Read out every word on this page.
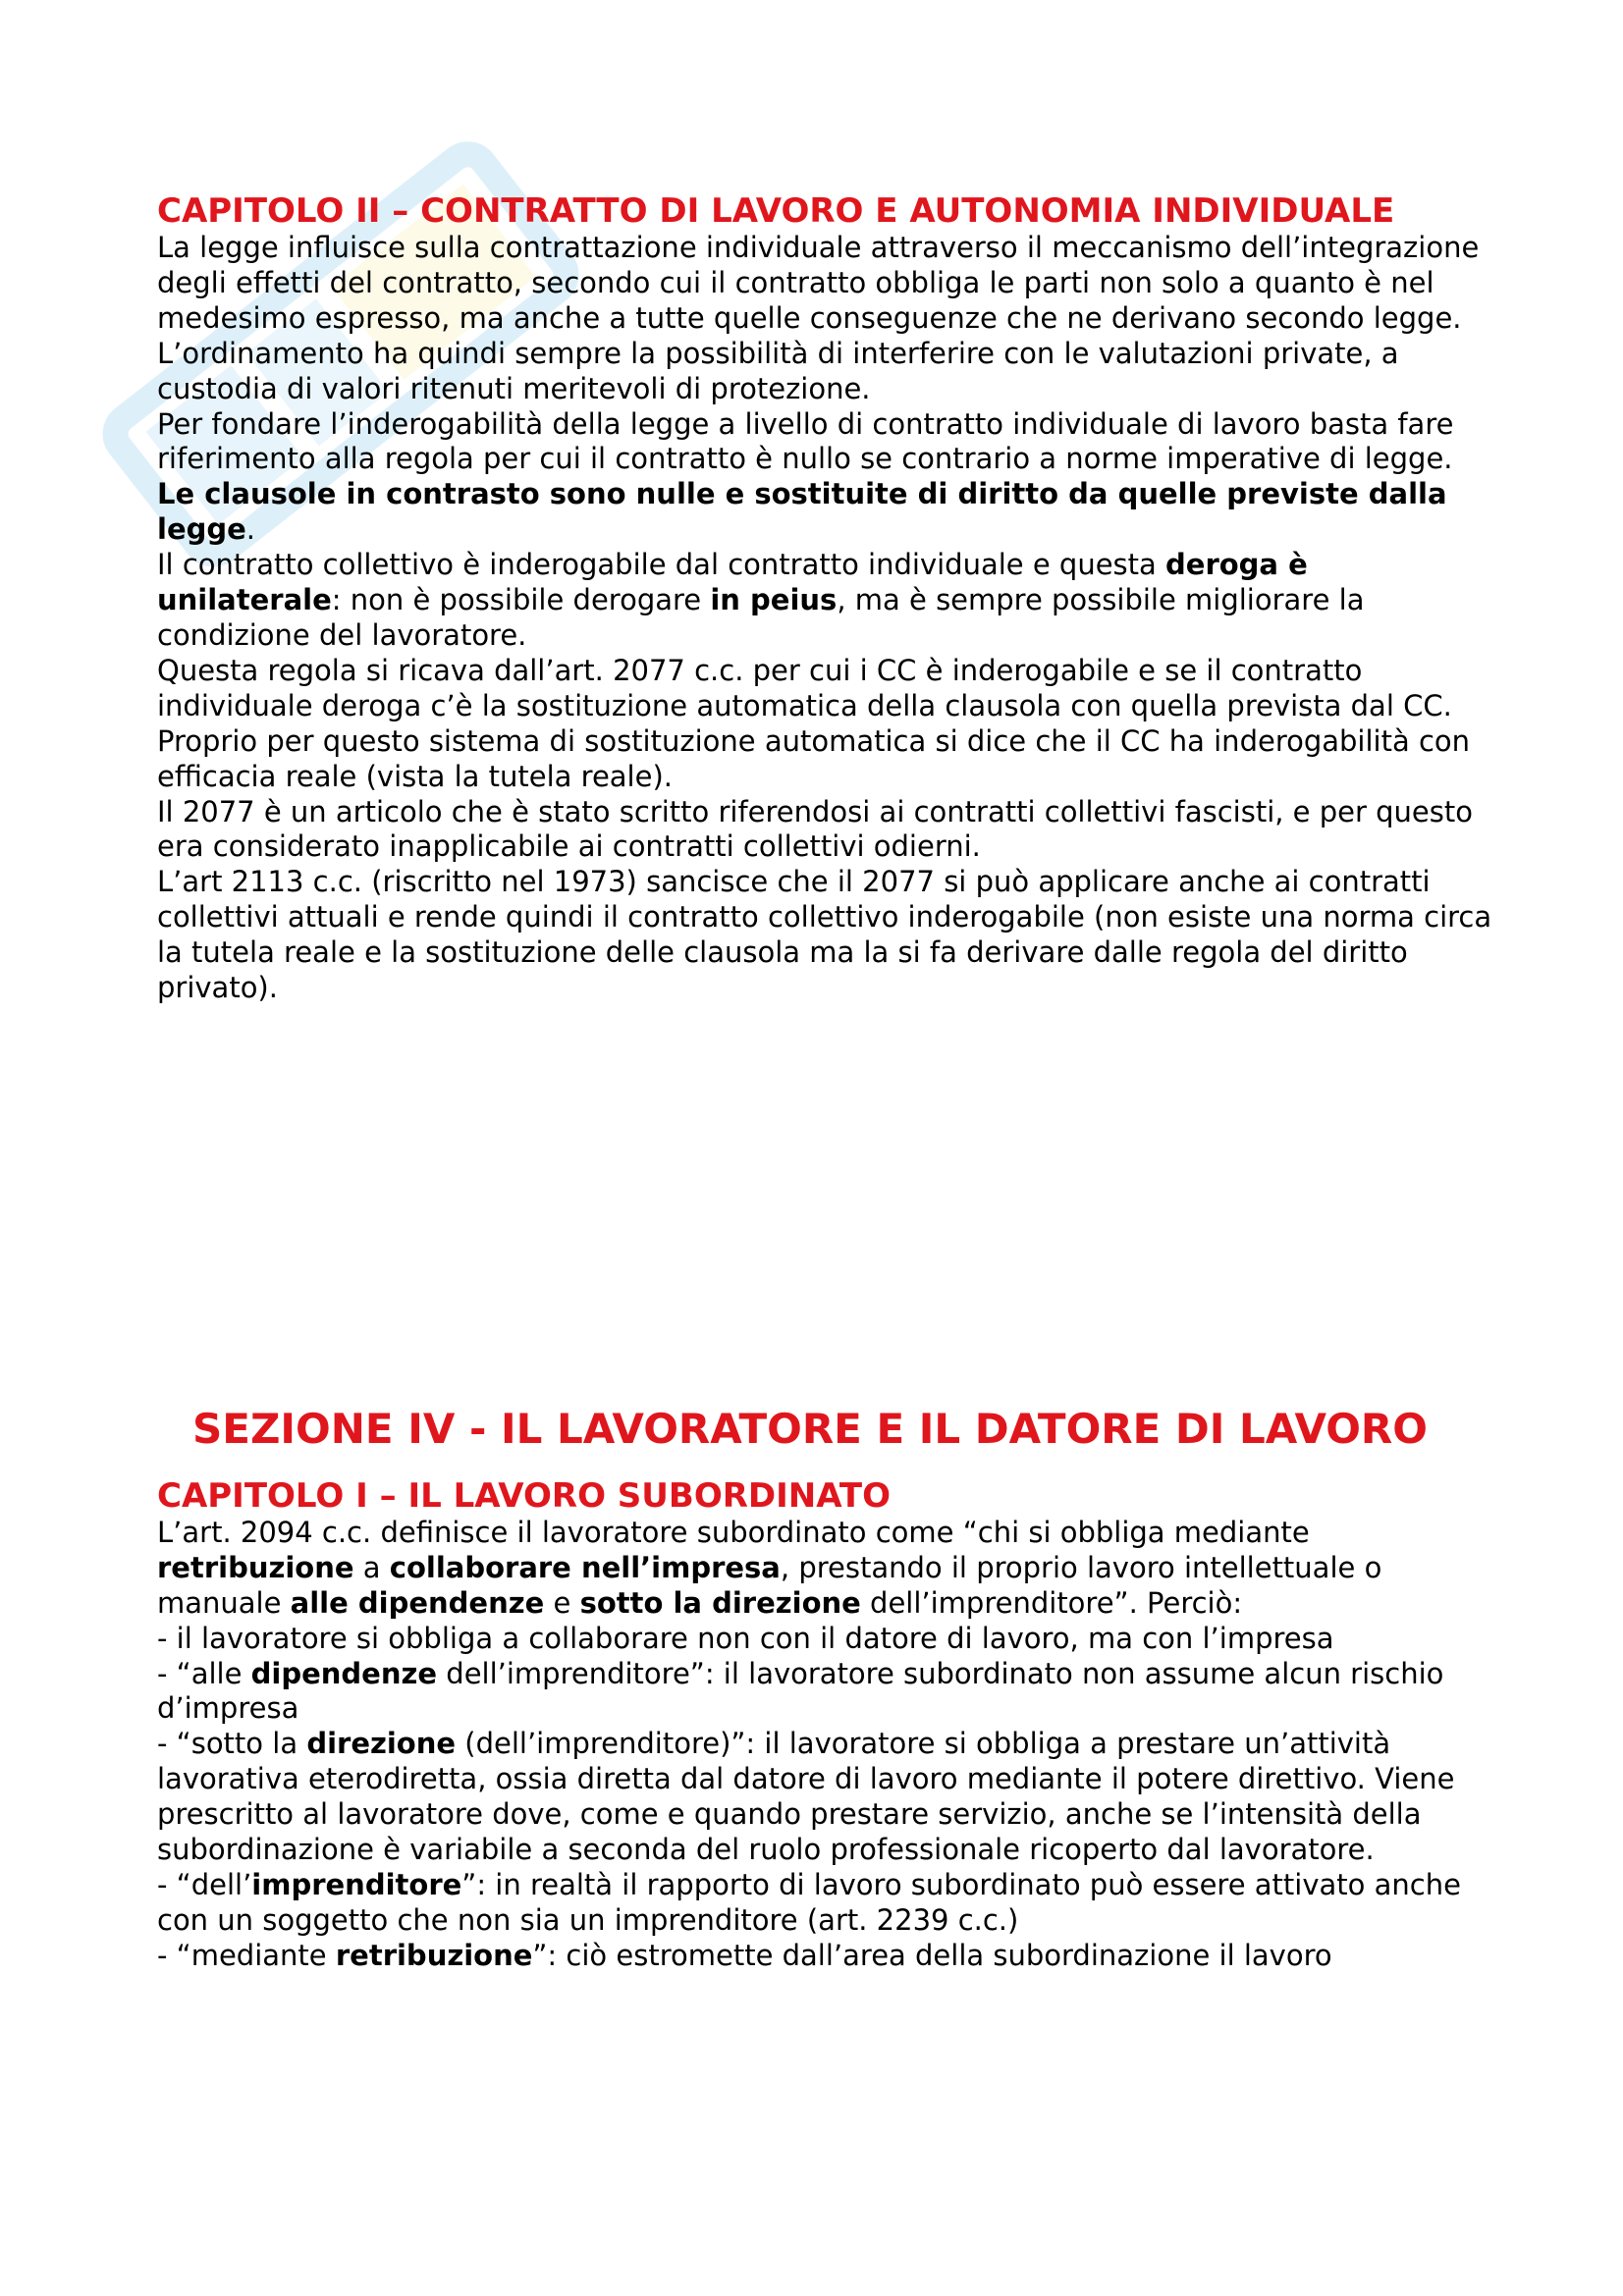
CAPITOLO II – CONTRATTO DI LAVORO E AUTONOMIA INDIVIDUALE

La legge influisce sulla contrattazione individuale attraverso il meccanismo dell’integrazione degli effetti del contratto, secondo cui il contratto obbliga le parti non solo a quanto è nel medesimo espresso, ma anche a tutte quelle conseguenze che ne derivano secondo legge.

L’ordinamento ha quindi sempre la possibilità di interferire con le valutazioni private, a custodia di valori ritenuti meritevoli di protezione.

Per fondare l’inderogabilità della legge a livello di contratto individuale di lavoro basta fare riferimento alla regola per cui il contratto è nullo se contrario a norme imperative di legge. Le clausole in contrasto sono nulle e sostituite di diritto da quelle previste dalla legge.

Il contratto collettivo è inderogabile dal contratto individuale e questa deroga è unilaterale: non è possibile derogare in peius, ma è sempre possibile migliorare la condizione del lavoratore.

Questa regola si ricava dall’art. 2077 c.c. per cui i CC è inderogabile e se il contratto individuale deroga c’è la sostituzione automatica della clausola con quella prevista dal CC. Proprio per questo sistema di sostituzione automatica si dice che il CC ha inderogabilità con efficacia reale (vista la tutela reale).

Il 2077 è un articolo che è stato scritto riferendosi ai contratti collettivi fascisti, e per questo era considerato inapplicabile ai contratti collettivi odierni.

L’art 2113 c.c. (riscritto nel 1973) sancisce che il 2077 si può applicare anche ai contratti collettivi attuali e rende quindi il contratto collettivo inderogabile (non esiste una norma circa la tutela reale e la sostituzione delle clausola ma la si fa derivare dalle regola del diritto privato).

SEZIONE IV - IL LAVORATORE E IL DATORE DI LAVORO
CAPITOLO I – IL LAVORO SUBORDINATO

L’art. 2094 c.c. definisce il lavoratore subordinato come “chi si obbliga mediante retribuzione a collaborare nell’impresa, prestando il proprio lavoro intellettuale o manuale alle dipendenze e sotto la direzione dell’imprenditore”. Perciò:

- il lavoratore si obbliga a collaborare non con il datore di lavoro, ma con l’impresa

- “alle dipendenze dell’imprenditore”: il lavoratore subordinato non assume alcun rischio d’impresa

- “sotto la direzione (dell’imprenditore)”: il lavoratore si obbliga a prestare un’attività lavorativa eterodiretta, ossia diretta dal datore di lavoro mediante il potere direttivo. Viene prescritto al lavoratore dove, come e quando prestare servizio, anche se l’intensità della subordinazione è variabile a seconda del ruolo professionale ricoperto dal lavoratore.

- “dell’imprenditore”: in realtà il rapporto di lavoro subordinato può essere attivato anche con un soggetto che non sia un imprenditore (art. 2239 c.c.)

- “mediante retribuzione”: ciò estromette dall’area della subordinazione il lavoro
